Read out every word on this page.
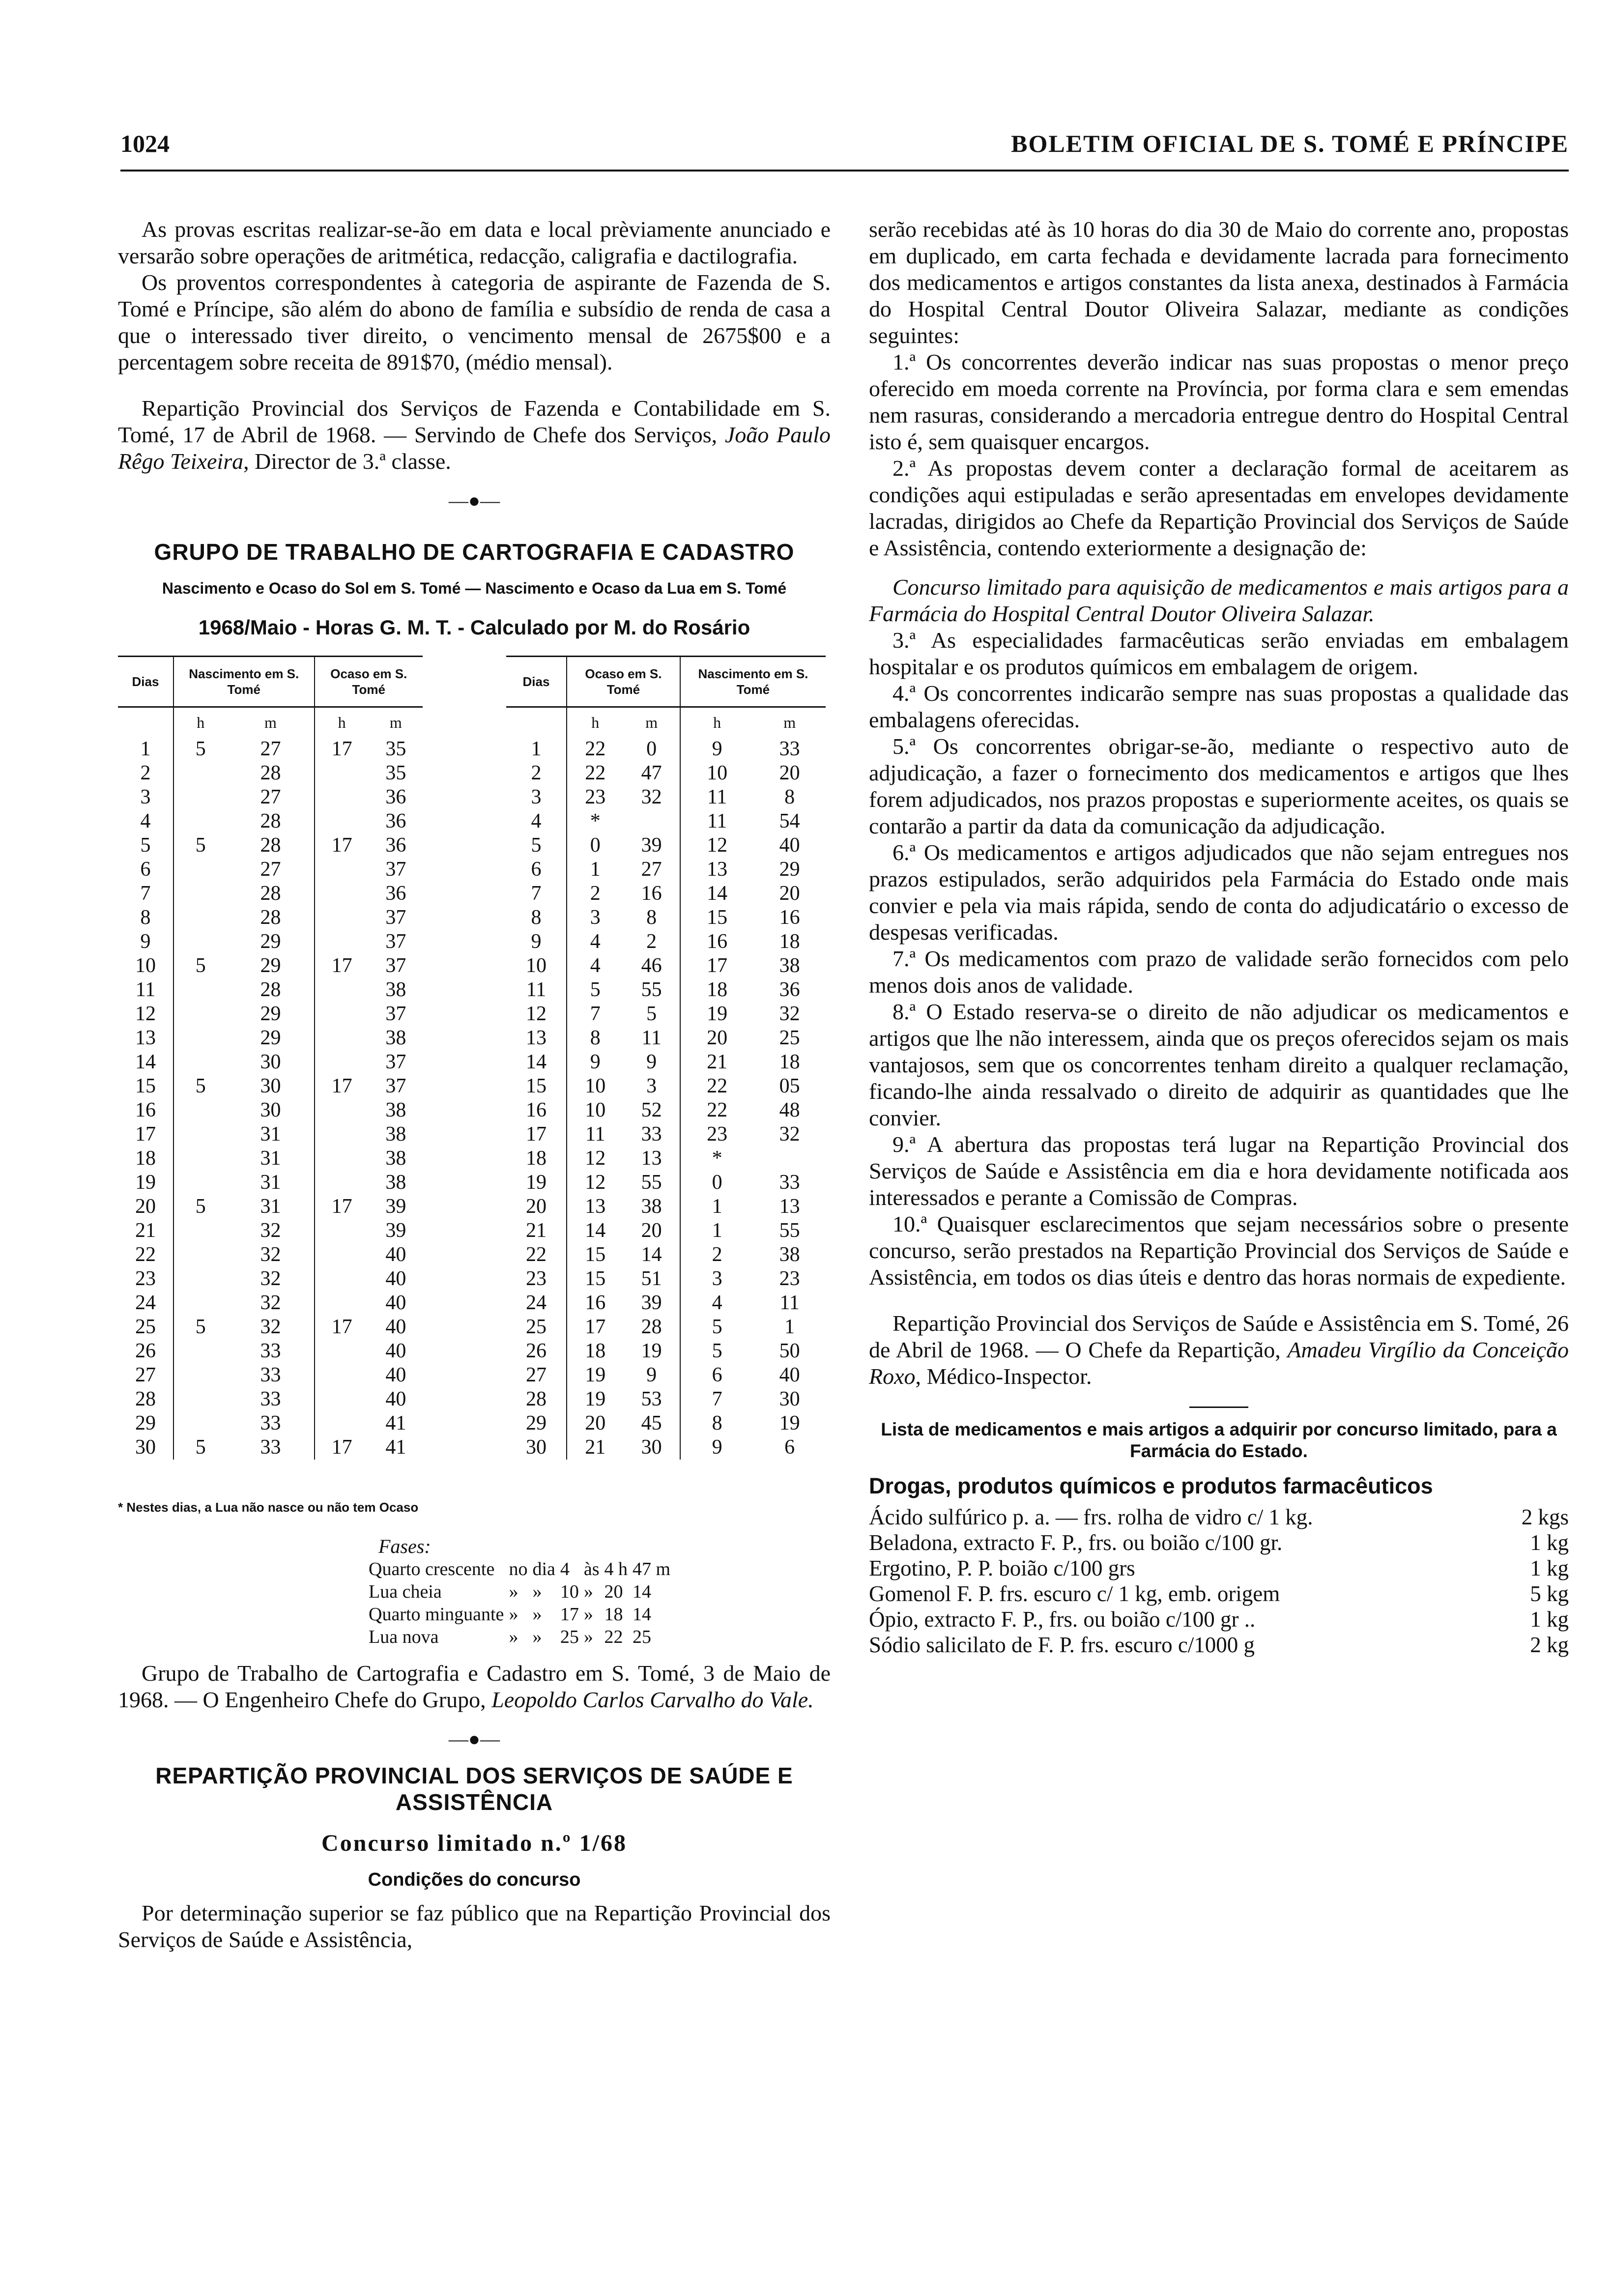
1024	BOLETIM OFICIAL DE S. TOMÉ E PRÍNCIPE

As provas escritas realizar-se-ão em data e local prèviamente anunciado e versarão sobre operações de aritmética, redacção, caligrafia e dactilografia.

Os proventos correspondentes à categoria de aspirante de Fazenda de S. Tomé e Príncipe, são além do abono de família e subsídio de renda de casa a que o interessado tiver direito, o vencimento mensal de 2675$00 e a percentagem sobre receita de 891$70, (médio mensal).

Repartição Provincial dos Serviços de Fazenda e Contabilidade em S. Tomé, 17 de Abril de 1968. — Servindo de Chefe dos Serviços, João Paulo Rêgo Teixeira, Director de 3.ª classe.

—●—
GRUPO DE TRABALHO DE CARTOGRAFIA E CADASTRO
Nascimento e Ocaso do Sol em S. Tomé — Nascimento e Ocaso da Lua em S. Tomé
1968/Maio - Horas G. M. T. - Calculado por M. do Rosário
Dias	Nascimento em S. Tomé		Ocaso em S. Tomé	
	h	m	h	m
1	5	27	17	35
2		28		35
3		27		36
4		28		36
5	5	28	17	36
6		27		37
7		28		36
8		28		37
9		29		37
10	5	29	17	37
11		28		38
12		29		37
13		29		38
14		30		37
15	5	30	17	37
16		30		38
17		31		38
18		31		38
19		31		38
20	5	31	17	39
21		32		39
22		32		40
23		32		40
24		32		40
25	5	32	17	40
26		33		40
27		33		40
28		33		40
29		33		41
30	5	33	17	41
Dias	Ocaso em S. Tomé		Nascimento em S. Tomé	
	h	m	h	m
1	22	0	9	33
2	22	47	10	20
3	23	32	11	8
4	*		11	54
5	0	39	12	40
6	1	27	13	29
7	2	16	14	20
8	3	8	15	16
9	4	2	16	18
10	4	46	17	38
11	5	55	18	36
12	7	5	19	32
13	8	11	20	25
14	9	9	21	18
15	10	3	22	05
16	10	52	22	48
17	11	33	23	32
18	12	13	*	
19	12	55	0	33
20	13	38	1	13
21	14	20	1	55
22	15	14	2	38
23	15	51	3	23
24	16	39	4	11
25	17	28	5	1
26	18	19	5	50
27	19	9	6	40
28	19	53	7	30
29	20	45	8	19
30	21	30	9	6
* Nestes dias, a Lua não nasce ou não tem Ocaso
Fases:
Quarto crescente	no	dia	4	às	4 h	47 m
Lua cheia	»	»	10	»	20	14
Quarto minguante	»	»	17	»	18	14
Lua nova	»	»	25	»	22	25

Grupo de Trabalho de Cartografia e Cadastro em S. Tomé, 3 de Maio de 1968. — O Engenheiro Chefe do Grupo, Leopoldo Carlos Carvalho do Vale.

—●—
REPARTIÇÃO PROVINCIAL DOS SERVIÇOS DE SAÚDE E ASSISTÊNCIA
Concurso limitado n.º 1/68
Condições do concurso

Por determinação superior se faz público que na Repartição Provincial dos Serviços de Saúde e Assistência,

serão recebidas até às 10 horas do dia 30 de Maio do corrente ano, propostas em duplicado, em carta fechada e devidamente lacrada para fornecimento dos medicamentos e artigos constantes da lista anexa, destinados à Farmácia do Hospital Central Doutor Oliveira Salazar, mediante as condições seguintes:

1.ª Os concorrentes deverão indicar nas suas propostas o menor preço oferecido em moeda corrente na Província, por forma clara e sem emendas nem rasuras, considerando a mercadoria entregue dentro do Hospital Central isto é, sem quaisquer encargos.

2.ª As propostas devem conter a declaração formal de aceitarem as condições aqui estipuladas e serão apresentadas em envelopes devidamente lacradas, dirigidos ao Chefe da Repartição Provincial dos Serviços de Saúde e Assistência, contendo exteriormente a designação de:

Concurso limitado para aquisição de medicamentos e mais artigos para a Farmácia do Hospital Central Doutor Oliveira Salazar.

3.ª As especialidades farmacêuticas serão enviadas em embalagem hospitalar e os produtos químicos em embalagem de origem.

4.ª Os concorrentes indicarão sempre nas suas propostas a qualidade das embalagens oferecidas.

5.ª Os concorrentes obrigar-se-ão, mediante o respectivo auto de adjudicação, a fazer o fornecimento dos medicamentos e artigos que lhes forem adjudicados, nos prazos propostas e superiormente aceites, os quais se contarão a partir da data da comunicação da adjudicação.

6.ª Os medicamentos e artigos adjudicados que não sejam entregues nos prazos estipulados, serão adquiridos pela Farmácia do Estado onde mais convier e pela via mais rápida, sendo de conta do adjudicatário o excesso de despesas verificadas.

7.ª Os medicamentos com prazo de validade serão fornecidos com pelo menos dois anos de validade.

8.ª O Estado reserva-se o direito de não adjudicar os medicamentos e artigos que lhe não interessem, ainda que os preços oferecidos sejam os mais vantajosos, sem que os concorrentes tenham direito a qualquer reclamação, ficando-lhe ainda ressalvado o direito de adquirir as quantidades que lhe convier.

9.ª A abertura das propostas terá lugar na Repartição Provincial dos Serviços de Saúde e Assistência em dia e hora devidamente notificada aos interessados e perante a Comissão de Compras.

10.ª Quaisquer esclarecimentos que sejam necessários sobre o presente concurso, serão prestados na Repartição Provincial dos Serviços de Saúde e Assistência, em todos os dias úteis e dentro das horas normais de expediente.

Repartição Provincial dos Serviços de Saúde e Assistência em S. Tomé, 26 de Abril de 1968. — O Chefe da Repartição, Amadeu Virgílio da Conceição Roxo, Médico-Inspector.

Lista de medicamentos e mais artigos a adquirir por concurso limitado, para a Farmácia do Estado.
Drogas, produtos químicos e produtos farmacêuticos
Ácido sulfúrico p. a. — frs. rolha de vidro c/ 1 kg.	2 kgs
Beladona, extracto F. P., frs. ou boião c/100 gr.	1 kg
Ergotino, P. P. boião c/100 grs	1 kg
Gomenol F. P. frs. escuro c/ 1 kg, emb. origem	5 kg
Ópio, extracto F. P., frs. ou boião c/100 gr ..	1 kg
Sódio salicilato de F. P. frs. escuro c/1000 g	2 kg
